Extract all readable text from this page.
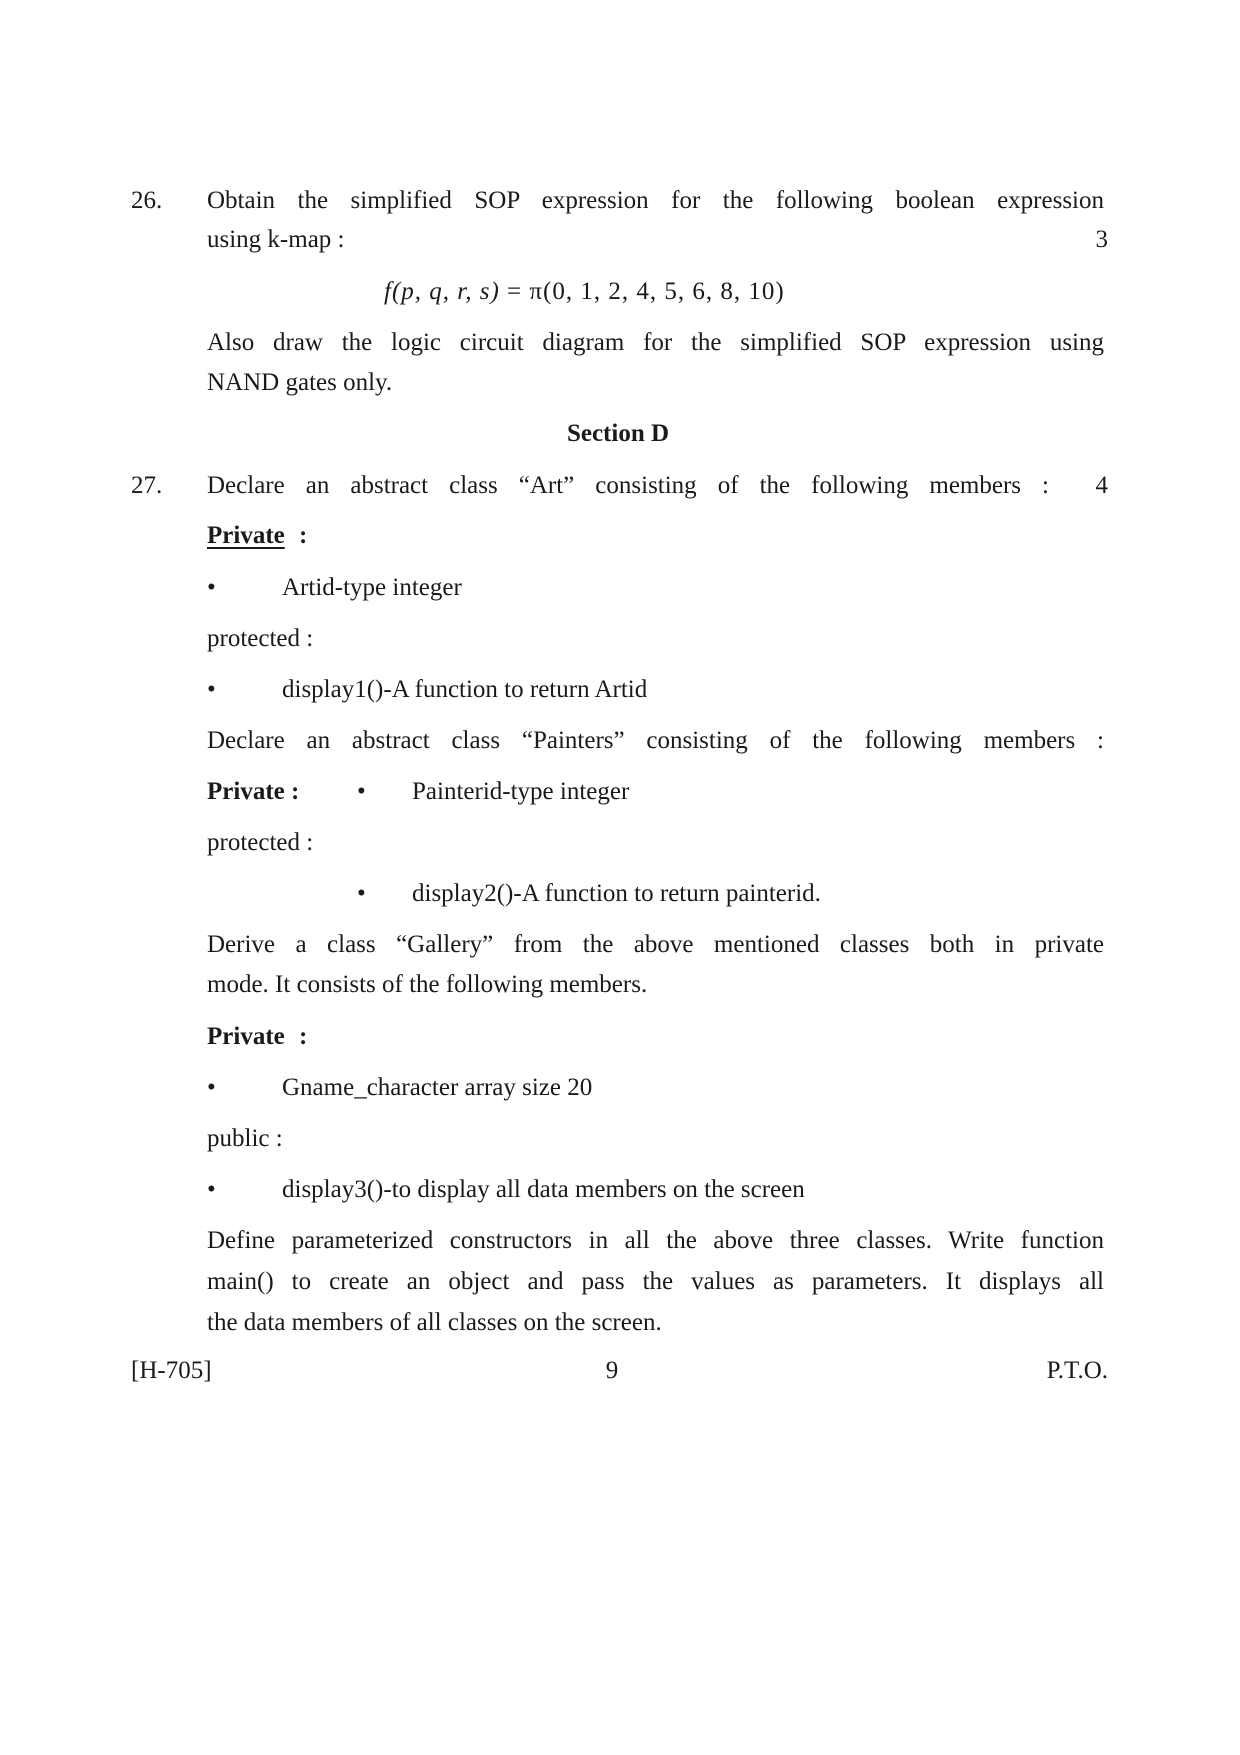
26. Obtain the simplified SOP expression for the following boolean expression
using k-map :	3
f(p, q, r, s) = π(0, 1, 2, 4, 5, 6, 8, 10)
Also draw the logic circuit diagram for the simplified SOP expression using
NAND gates only.
Section D
27. Declare an abstract class “Art” consisting of the following members : 4
Private :
•	Artid-type integer
protected :
•	display1()-A function to return Artid
Declare an abstract class “Painters” consisting of the following members :
Private : • Painterid-type integer
protected :
• display2()-A function to return painterid.
Derive a class “Gallery” from the above mentioned classes both in private
mode. It consists of the following members.
Private :
•	Gname_character array size 20
public :
•	display3()-to display all data members on the screen
Define parameterized constructors in all the above three classes. Write function
main() to create an object and pass the values as parameters. It displays all
the data members of all classes on the screen.
[H-705]	9	P.T.O.
